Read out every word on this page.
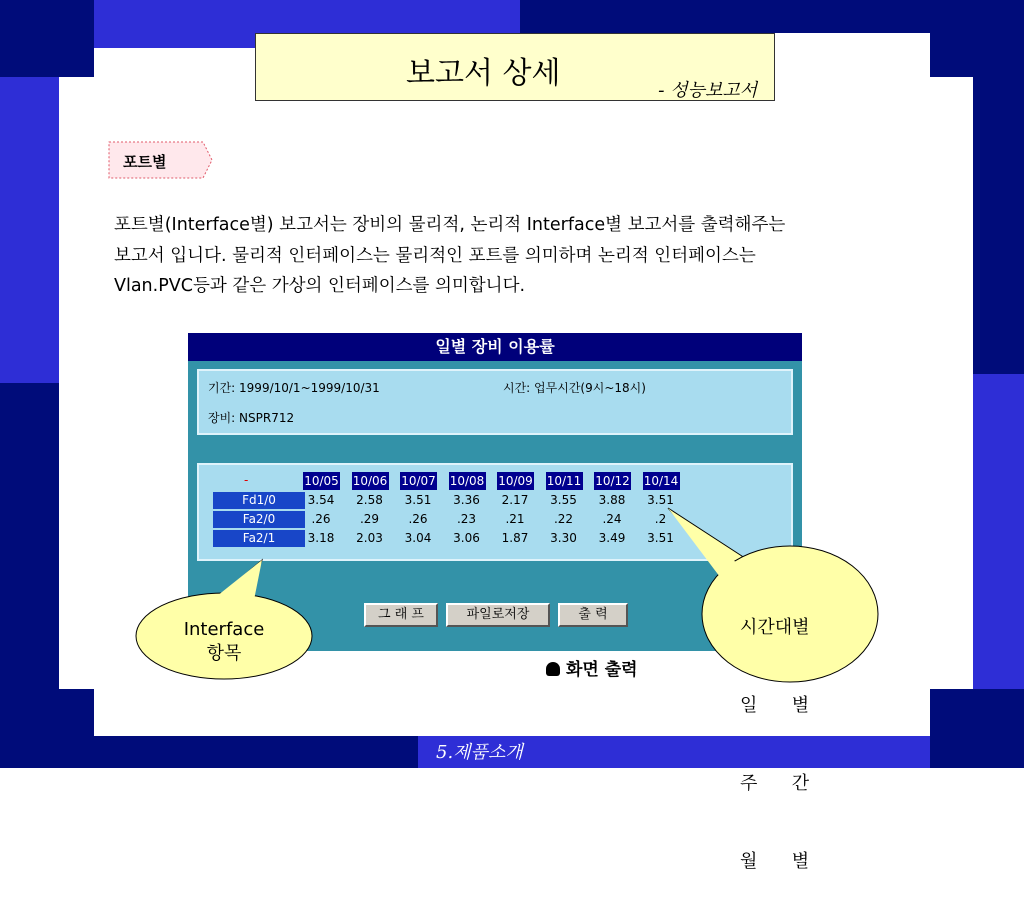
보고서 상세	- 성능보고서
포트별

포트별(Interface별) 보고서는 장비의 물리적, 논리적 Interface별 보고서를 출력해주는

보고서 입니다. 물리적 인터페이스는 물리적인 포트를 의미하며 논리적 인터페이스는

Vlan.PVC등과 같은 가상의 인터페이스를 의미합니다.

일별 장비 이용률
기간: 1999/10/1~1999/10/31	시간: 업무시간(9시~18시)
장비: NSPR712
-	10/05 10/06 10/07 10/08 10/09 10/11 10/12 10/14
Fd1/0	3.54	2.58	3.51	3.36	2.17	3.55	3.88	3.51
Fa2/0	.26	.29	.26	.23	.21	.22	.24	.2
Fa2/1	3.18	2.03	3.04	3.06	1.87	3.30	3.49	3.51
그 래 프	파일로저장	출 력
Interface
항목

시간대별

일      별

주      간

월      별

화면 출력
5.제품소개
